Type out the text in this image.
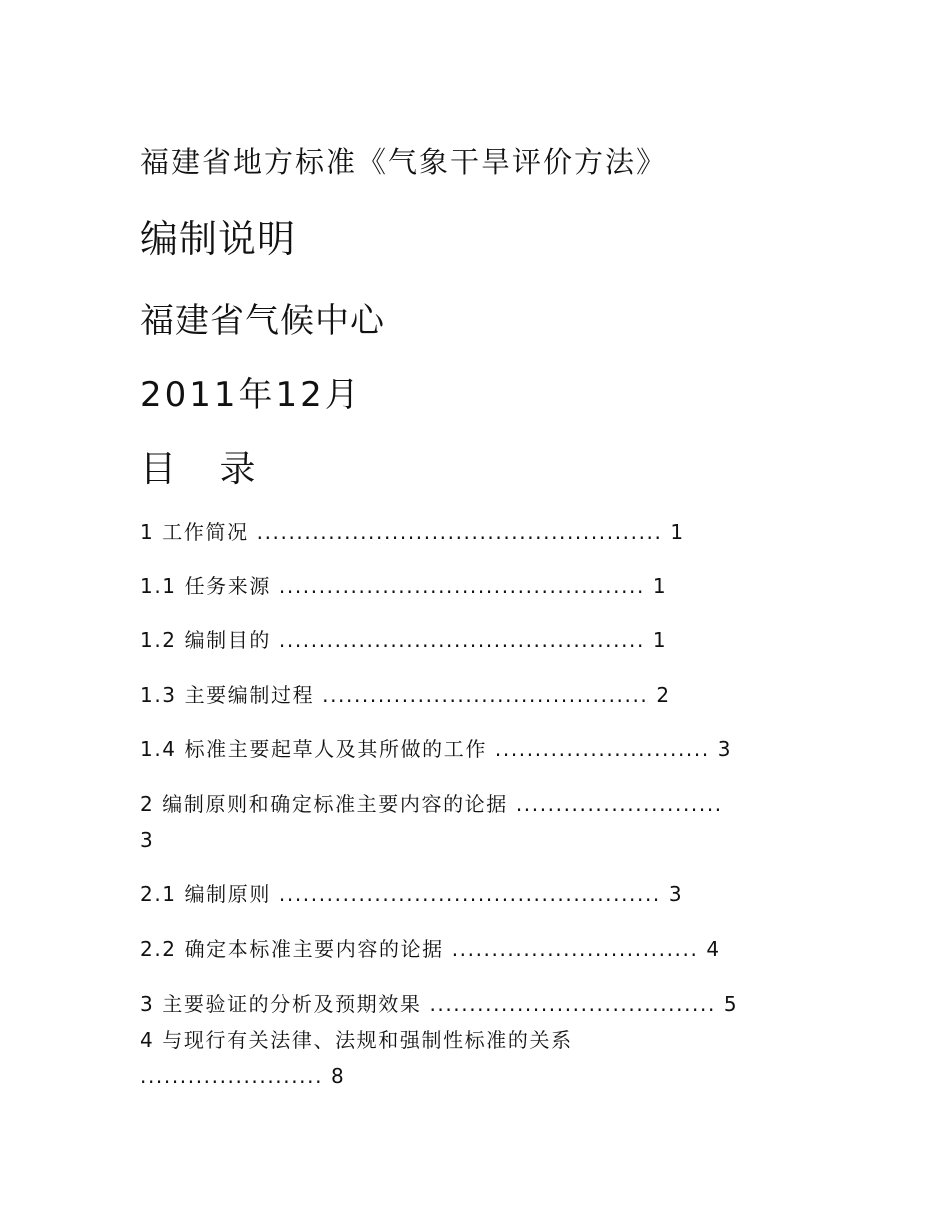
福建省地方标准《气象干旱评价方法》
编制说明
福建省气候中心
2011年12月
目 录
1 工作简况 ................................................... 1
1.1 任务来源 .............................................. 1
1.2 编制目的 .............................................. 1
1.3 主要编制过程 ......................................... 2
1.4 标准主要起草人及其所做的工作 ........................... 3
2 编制原则和确定标准主要内容的论据 ..........................
3
2.1 编制原则 ................................................ 3
2.2 确定本标准主要内容的论据 ............................... 4
3 主要验证的分析及预期效果 .................................... 5
4 与现行有关法律、法规和强制性标准的关系
....................... 8
